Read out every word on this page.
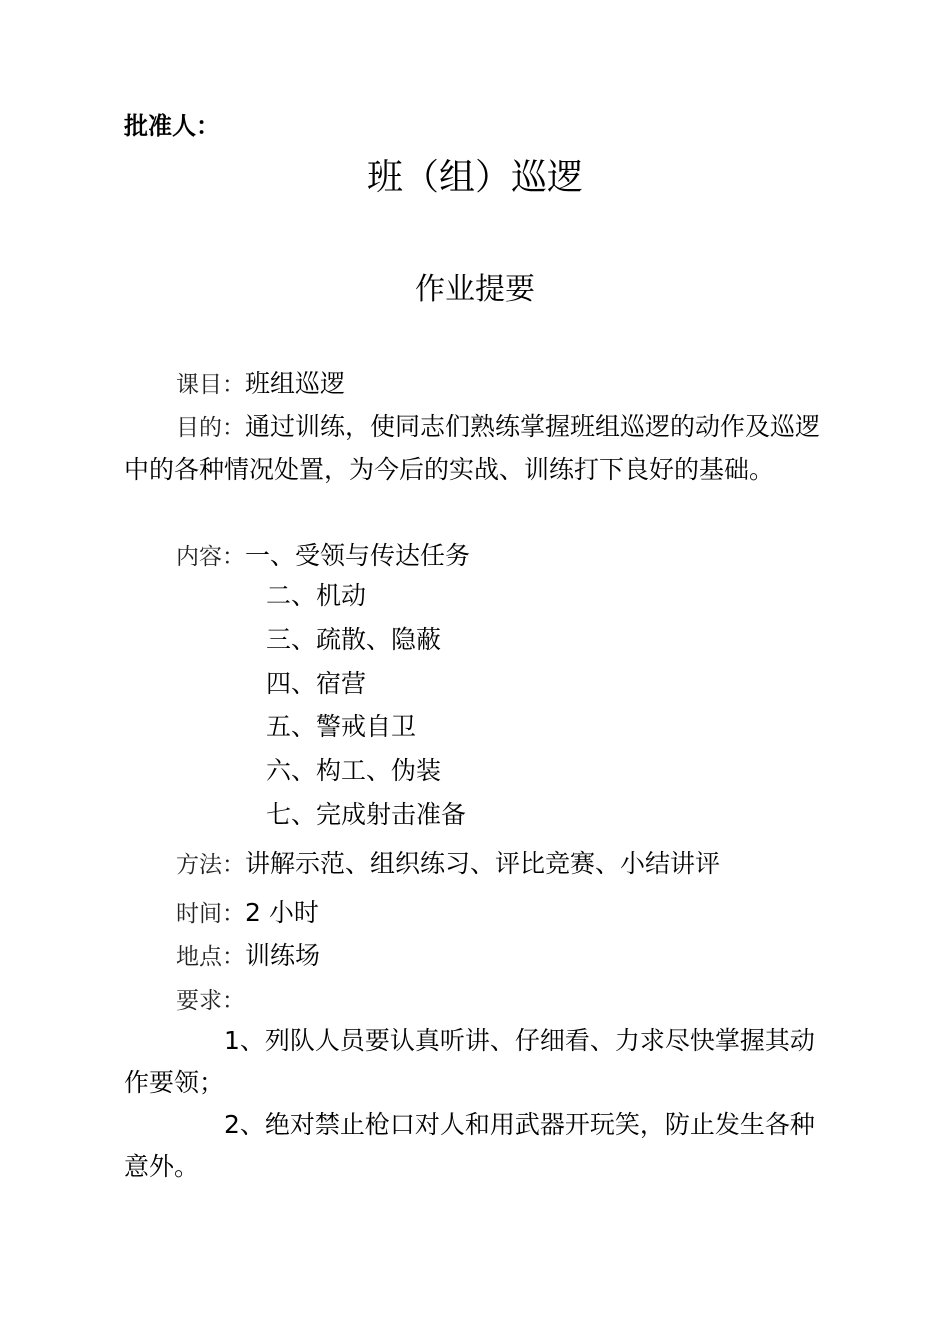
批准人：
班（组）巡逻
作业提要
课目：班组巡逻
目的：通过训练，使同志们熟练掌握班组巡逻的动作及巡逻中的各种情况处置，为今后的实战、训练打下良好的基础。
内容：一、受领与传达任务
二、机动
三、疏散、隐蔽
四、宿营
五、警戒自卫
六、构工、伪装
七、完成射击准备
方法：讲解示范、组织练习、评比竞赛、小结讲评
时间：2 小时
地点：训练场
要求：
1、列队人员要认真听讲、仔细看、力求尽快掌握其动作要领；
2、绝对禁止枪口对人和用武器开玩笑，防止发生各种意外。
